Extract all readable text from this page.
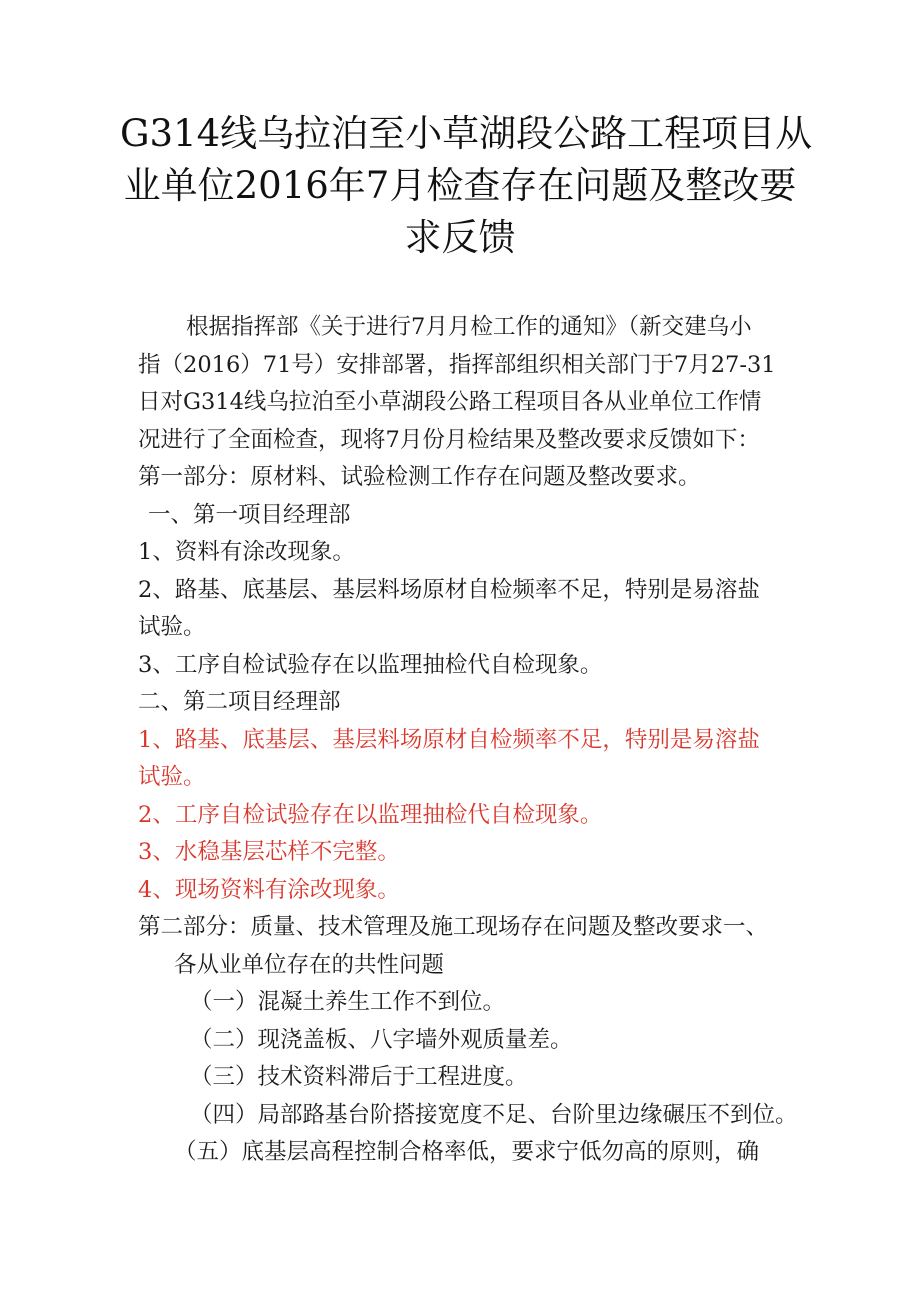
G314线乌拉泊至小草湖段公路工程项目从
业单位2016年7月检查存在问题及整改要
求反馈
根据指挥部《关于进行7月月检工作的通知》（新交建乌小
指（2016）71号）安排部署，指挥部组织相关部门于7月27-31
日对G314线乌拉泊至小草湖段公路工程项目各从业单位工作情
况进行了全面检查，现将7月份月检结果及整改要求反馈如下：
第一部分：原材料、试验检测工作存在问题及整改要求。
一、第一项目经理部
1、资料有涂改现象。
2、路基、底基层、基层料场原材自检频率不足，特别是易溶盐
试验。
3、工序自检试验存在以监理抽检代自检现象。
二、第二项目经理部
1、路基、底基层、基层料场原材自检频率不足，特别是易溶盐
试验。
2、工序自检试验存在以监理抽检代自检现象。
3、水稳基层芯样不完整。
4、现场资料有涂改现象。
第二部分：质量、技术管理及施工现场存在问题及整改要求一、
各从业单位存在的共性问题
（一）混凝土养生工作不到位。
（二）现浇盖板、八字墙外观质量差。
（三）技术资料滞后于工程进度。
（四）局部路基台阶搭接宽度不足、台阶里边缘碾压不到位。
（五）底基层高程控制合格率低，要求宁低勿高的原则，确
